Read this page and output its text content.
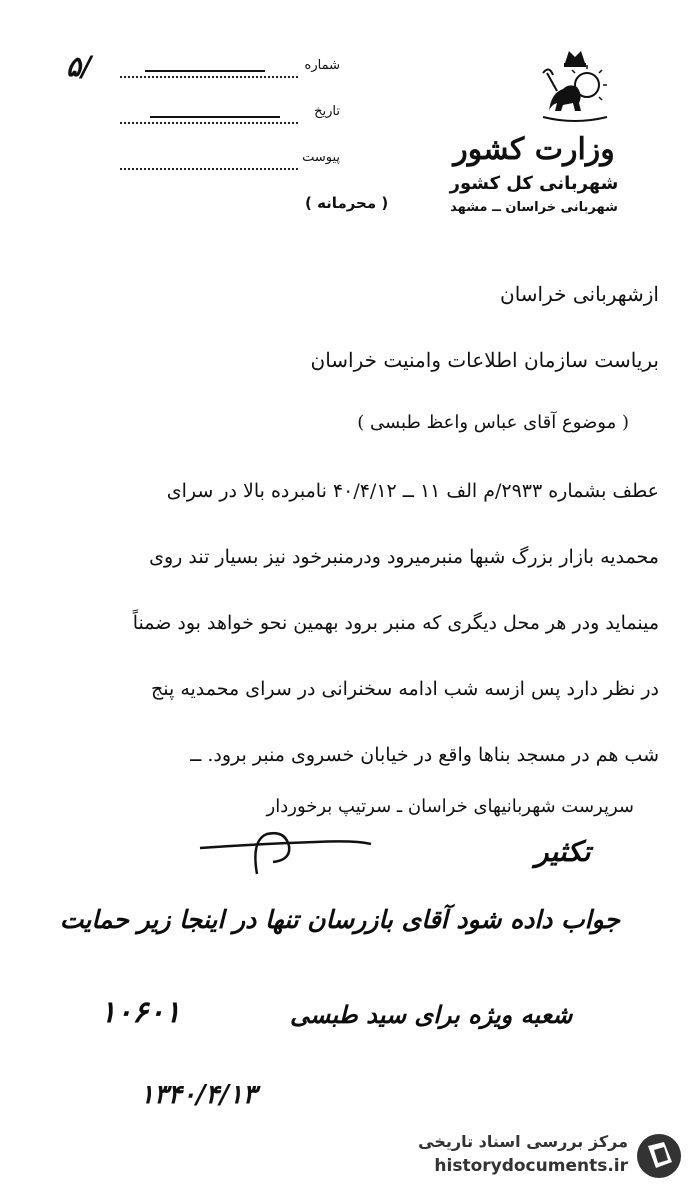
شماره
۵/
تاریخ
پیوست	وزارت کشور
شهربانی کل کشور
شهربانی خراسان ــ مشهد
( محرمانه )
ازشهربانی خراسان
بریاست سازمان اطلاعات وامنیت خراسان
( موضوع آقای عباس واعظ طبسی )
عطف بشماره ۲۹۳۳/م الف ۱۱ ــ ۴۰/۴/۱۲ نامبرده بالا در سرای
محمدیه بازار بزرگ شبها منبرمیرود ودرمنبرخود نیز بسیار تند روی
مینماید ودر هر محل دیگری که منبر برود بهمین نحو خواهد بود ضمناً
در نظر دارد پس ازسه شب ادامه سخنرانی در سرای محمدیه پنج
شب هم در مسجد بناها واقع در خیابان خسروی منبر برود. ــ
سرپرست شهربانیهای خراسان ـ سرتیپ برخوردار
تکثیر
جواب داده شود آقای بازرسان تنها در اینجا زیر حمایت
شعبه ویژه برای سید طبسی
۱۰۶۰۱
۱۳۴۰/۴/۱۳
مرکز بررسی اسناد تاریخی
historydocuments.ir
